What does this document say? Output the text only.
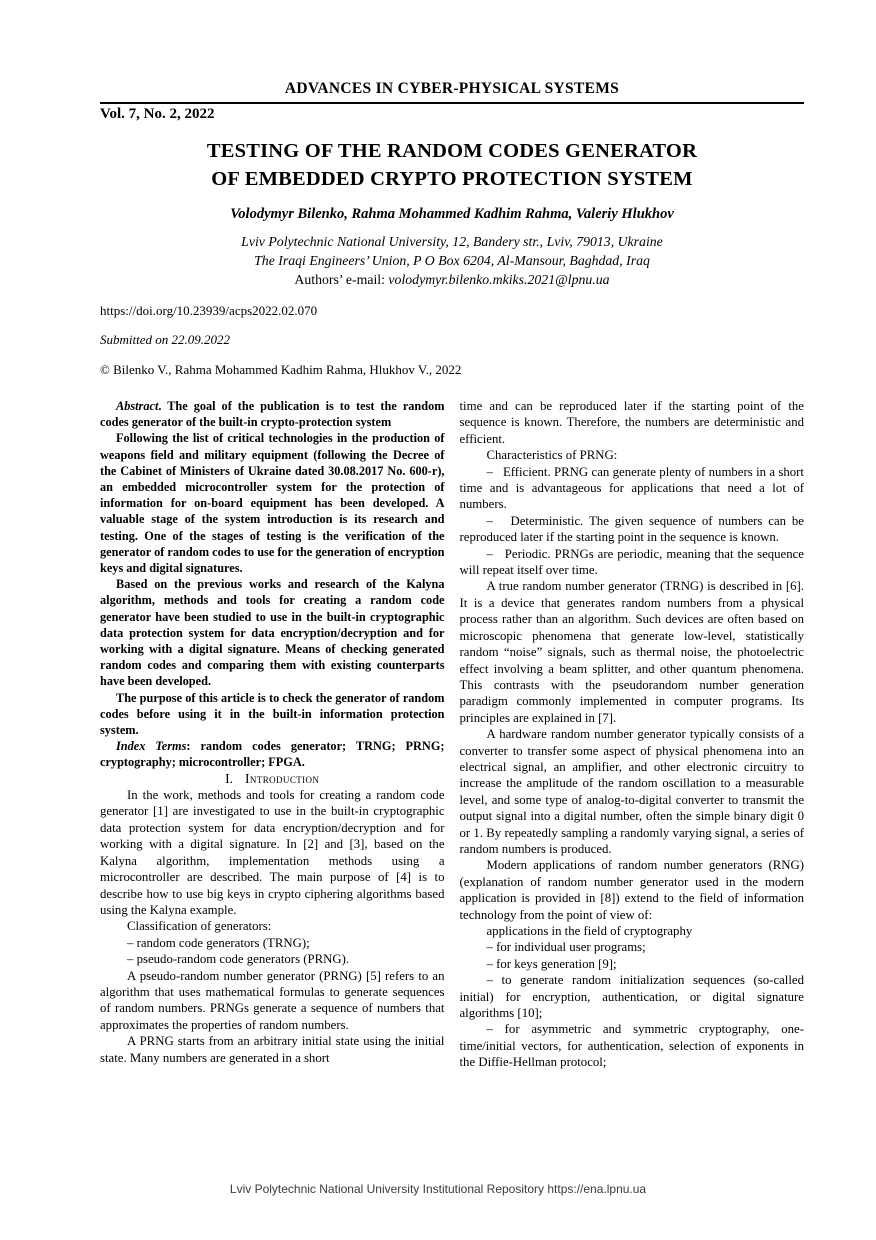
ADVANCES IN CYBER-PHYSICAL SYSTEMS
Vol. 7, No. 2, 2022
TESTING OF THE RANDOM CODES GENERATOR
OF EMBEDDED CRYPTO PROTECTION SYSTEM
Volodymyr Bilenko, Rahma Mohammed Kadhim Rahma, Valeriy Hlukhov
Lviv Polytechnic National University, 12, Bandery str., Lviv, 79013, Ukraine
The Iraqi Engineers’ Union, P O Box 6204, Al-Mansour, Baghdad, Iraq
Authors’ e-mail: volodymyr.bilenko.mkiks.2021@lpnu.ua
https://doi.org/10.23939/acps2022.02.070
Submitted on 22.09.2022
© Bilenko V., Rahma Mohammed Kadhim Rahma, Hlukhov V., 2022

Abstract. The goal of the publication is to test the random codes generator of the built-in crypto-protection system

Following the list of critical technologies in the production of weapons field and military equipment (following the Decree of the Cabinet of Ministers of Ukraine dated 30.08.2017 No. 600-r), an embedded microcontroller system for the protection of information for on-board equipment has been developed. A valuable stage of the system introduction is its research and testing. One of the stages of testing is the verification of the generator of random codes to use for the generation of encryption keys and digital signatures.

Based on the previous works and research of the Kalyna algorithm, methods and tools for creating a random code generator have been studied to use in the built-in cryptographic data protection system for data encryption/decryption and for working with a digital signature. Means of checking generated random codes and comparing them with existing counterparts have been developed.

The purpose of this article is to check the generator of random codes before using it in the built-in information protection system.

Index Terms: random codes generator; TRNG; PRNG; cryptography; microcontroller; FPGA.

I. Introduction

In the work, methods and tools for creating a random code generator [1] are investigated to use in the built-in cryptographic data protection system for data encryption/decryption and for working with a digital signature. In [2] and [3], based on the Kalyna algorithm, implementation methods using a microcontroller are described. The main purpose of [4] is to describe how to use big keys in crypto ciphering algorithms based using the Kalyna example.

Classification of generators:

– random code generators (TRNG);

– pseudo-random code generators (PRNG).

A pseudo-random number generator (PRNG) [5] refers to an algorithm that uses mathematical formulas to generate sequences of random numbers. PRNGs generate a sequence of numbers that approximates the properties of random numbers.

A PRNG starts from an arbitrary initial state using the initial state. Many numbers are generated in a short

time and can be reproduced later if the starting point of the sequence is known. Therefore, the numbers are deterministic and efficient.

Characteristics of PRNG:

–   Efficient. PRNG can generate plenty of numbers in a short time and is advantageous for applications that need a lot of numbers.

–   Deterministic. The given sequence of numbers can be reproduced later if the starting point in the sequence is known.

–   Periodic. PRNGs are periodic, meaning that the sequence will repeat itself over time.

A true random number generator (TRNG) is described in [6]. It is a device that generates random numbers from a physical process rather than an algorithm. Such devices are often based on microscopic phenomena that generate low-level, statistically random “noise” signals, such as thermal noise, the photoelectric effect involving a beam splitter, and other quantum phenomena. This contrasts with the pseudorandom number generation paradigm commonly implemented in computer programs. Its principles are explained in [7].

A hardware random number generator typically consists of a converter to transfer some aspect of physical phenomena into an electrical signal, an amplifier, and other electronic circuitry to increase the amplitude of the random oscillation to a measurable level, and some type of analog-to-digital converter to transmit the output signal into a digital number, often the simple binary digit 0 or 1. By repeatedly sampling a randomly varying signal, a series of random numbers is produced.

Modern applications of random number generators (RNG) (explanation of random number generator used in the modern application is provided in [8]) extend to the field of information technology from the point of view of:

applications in the field of cryptography

– for individual user programs;

– for keys generation [9];

– to generate random initialization sequences (so-called initial) for encryption, authentication, or digital signature algorithms [10];

– for asymmetric and symmetric cryptography, one-time/initial vectors, for authentication, selection of exponents in the Diffie-Hellman protocol;

Lviv Polytechnic National University Institutional Repository https://ena.lpnu.ua
